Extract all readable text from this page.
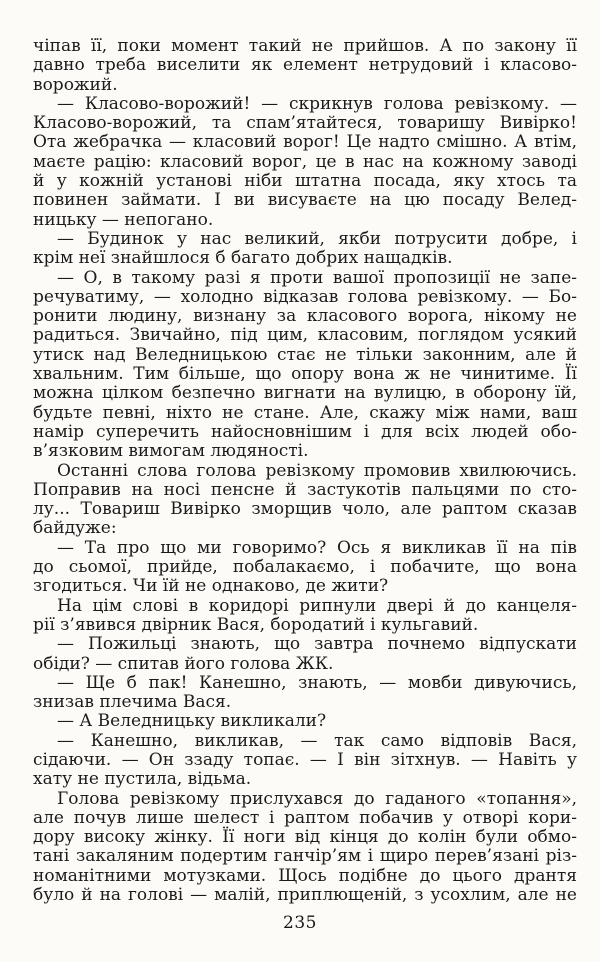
чіпав її, поки момент такий не прийшов. А по закону її
давно треба виселити як елемент нетрудовий і класово-
ворожий.
— Класово-ворожий! — скрикнув голова ревізкому. —
Класово-ворожий, та спам’ятайтеся, товаришу Вивірко!
Ота жебрачка — класовий ворог! Це надто смішно. А втім,
маєте рацію: класовий ворог, це в нас на кожному заводі
й у кожній установі ніби штатна посада, яку хтось та
повинен займати. І ви висуваєте на цю посаду Велед-
ницьку — непогано.
— Будинок у нас великий, якби потрусити добре, і
крім неї знайшлося б багато добрих нащадків.
— О, в такому разі я проти вашої пропозиції не запе-
речуватиму, — холодно відказав голова ревізкому. — Бо-
ронити людину, визнану за класового ворога, нікому не
радиться. Звичайно, під цим, класовим, поглядом усякий
утиск над Веледницькою стає не тільки законним, але й
хвальним. Тим більше, що опору вона ж не чинитиме. Її
можна цілком безпечно вигнати на вулицю, в оборону їй,
будьте певні, ніхто не стане. Але, скажу між нами, ваш
намір суперечить найосновнішим і для всіх людей обо-
в’язковим вимогам людяності.
Останні слова голова ревізкому промовив хвилюючись.
Поправив на носі пенсне й застукотів пальцями по сто-
лу... Товариш Вивірко зморщив чоло, але раптом сказав
байдуже:
— Та про що ми говоримо? Ось я викликав її на пів
до сьомої, прийде, побалакаємо, і побачите, що вона
згодиться. Чи їй не однаково, де жити?
На цім слові в коридорі рипнули двері й до канцеля-
рії з’явився двірник Вася, бородатий і кульгавий.
— Пожильці знають, що завтра почнемо відпускати
обіди? — спитав його голова ЖК.
— Ще б пак! Канешно, знають, — мовби дивуючись,
знизав плечима Вася.
— А Веледницьку викликали?
— Канешно, викликав, — так само відповів Вася,
сідаючи. — Он ззаду топає. — І він зітхнув. — Навіть у
хату не пустила, відьма.
Голова ревізкому прислухався до гаданого «топання»,
але почув лише шелест і раптом побачив у отворі кори-
дору високу жінку. Її ноги від кінця до колін були обмо-
тані закаляним подертим ганчір’ям і щиро перев’язані різ-
номанітними мотузками. Щось подібне до цього дрантя
було й на голові — малій, приплющеній, з усохлим, але не
235
